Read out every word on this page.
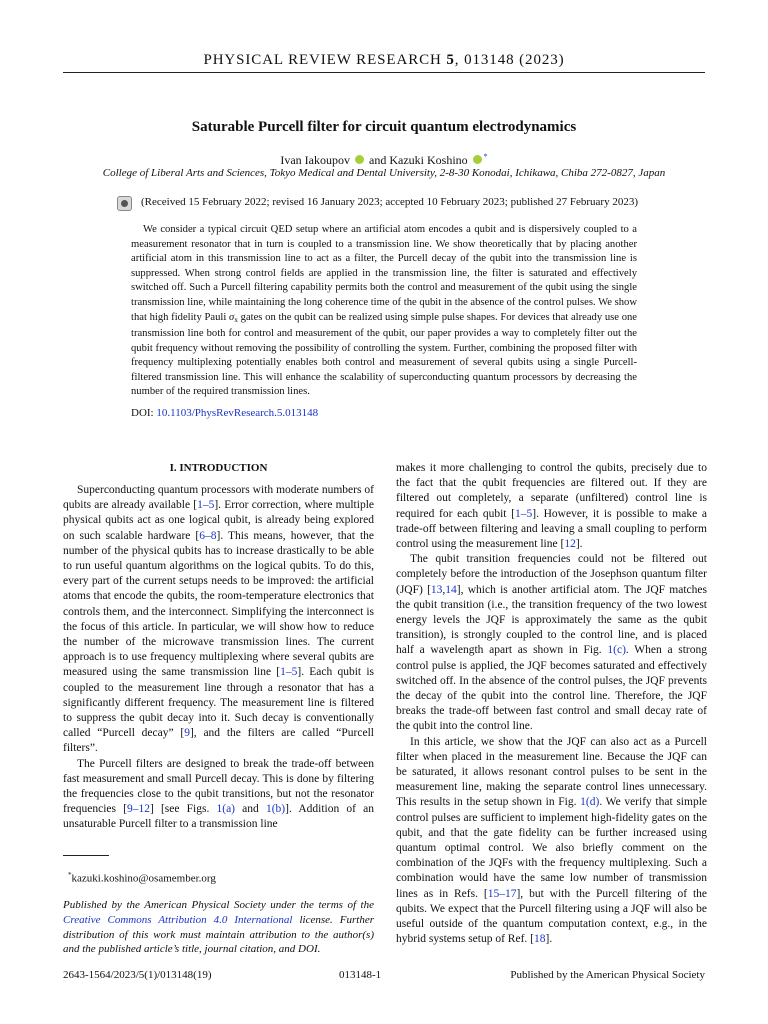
PHYSICAL REVIEW RESEARCH 5, 013148 (2023)
Saturable Purcell filter for circuit quantum electrodynamics
Ivan Iakoupov and Kazuki Koshino *
College of Liberal Arts and Sciences, Tokyo Medical and Dental University, 2-8-30 Konodai, Ichikawa, Chiba 272-0827, Japan
(Received 15 February 2022; revised 16 January 2023; accepted 10 February 2023; published 27 February 2023)

We consider a typical circuit QED setup where an artificial atom encodes a qubit and is dispersively coupled to a measurement resonator that in turn is coupled to a transmission line. We show theoretically that by placing another artificial atom in this transmission line to act as a filter, the Purcell decay of the qubit into the transmission line is suppressed. When strong control fields are applied in the transmission line, the filter is saturated and effectively switched off. Such a Purcell filtering capability permits both the control and measurement of the qubit using the single transmission line, while maintaining the long coherence time of the qubit in the absence of the control pulses. We show that high fidelity Pauli $\sigma_x$ gates on the qubit can be realized using simple pulse shapes. For devices that already use one transmission line both for control and measurement of the qubit, our paper provides a way to completely filter out the qubit frequency without removing the possibility of controlling the system. Further, combining the proposed filter with frequency multiplexing potentially enables both control and measurement of several qubits using a single Purcell-filtered transmission line. This will enhance the scalability of superconducting quantum processors by decreasing the number of the required transmission lines.

DOI: 10.1103/PhysRevResearch.5.013148
I. INTRODUCTION

Superconducting quantum processors with moderate numbers of qubits are already available [1–5]. Error correction, where multiple physical qubits act as one logical qubit, is already being explored on such scalable hardware [6–8]. This means, however, that the number of the physical qubits has to increase drastically to be able to run useful quantum algorithms on the logical qubits. To do this, every part of the current setups needs to be improved: the artificial atoms that encode the qubits, the room-temperature electronics that controls them, and the interconnect. Simplifying the interconnect is the focus of this article. In particular, we will show how to reduce the number of the microwave transmission lines. The current approach is to use frequency multiplexing where several qubits are measured using the same transmission line [1–5]. Each qubit is coupled to the measurement line through a resonator that has a significantly different frequency. The measurement line is filtered to suppress the qubit decay into it. Such decay is conventionally called “Purcell decay” [9], and the filters are called “Purcell filters”.

The Purcell filters are designed to break the trade-off between fast measurement and small Purcell decay. This is done by filtering the frequencies close to the qubit transitions, but not the resonator frequencies [9–12] [see Figs. 1(a) and 1(b)]. Addition of an unsaturable Purcell filter to a transmission line

makes it more challenging to control the qubits, precisely due to the fact that the qubit frequencies are filtered out. If they are filtered out completely, a separate (unfiltered) control line is required for each qubit [1–5]. However, it is possible to make a trade-off between filtering and leaving a small coupling to perform control using the measurement line [12].

The qubit transition frequencies could not be filtered out completely before the introduction of the Josephson quantum filter (JQF) [13,14], which is another artificial atom. The JQF matches the qubit transition (i.e., the transition frequency of the two lowest energy levels the JQF is approximately the same as the qubit transition), is strongly coupled to the control line, and is placed half a wavelength apart as shown in Fig. 1(c). When a strong control pulse is applied, the JQF becomes saturated and effectively switched off. In the absence of the control pulses, the JQF prevents the decay of the qubit into the control line. Therefore, the JQF breaks the trade-off between fast control and small decay rate of the qubit into the control line.

In this article, we show that the JQF can also act as a Purcell filter when placed in the measurement line. Because the JQF can be saturated, it allows resonant control pulses to be sent in the measurement line, making the separate control lines unnecessary. This results in the setup shown in Fig. 1(d). We verify that simple control pulses are sufficient to implement high-fidelity gates on the qubit, and that the gate fidelity can be further increased using quantum optimal control. We also briefly comment on the combination of the JQFs with the frequency multiplexing. Such a combination would have the same low number of transmission lines as in Refs. [15–17], but with the Purcell filtering of the qubits. We expect that the Purcell filtering using a JQF will also be useful outside of the quantum computation context, e.g., in the hybrid systems setup of Ref. [18].

*kazuki.koshino@osamember.org
Published by the American Physical Society under the terms of the Creative Commons Attribution 4.0 International license. Further distribution of this work must maintain attribution to the author(s) and the published article’s title, journal citation, and DOI.
2643-1564/2023/5(1)/013148(19)	013148-1	Published by the American Physical Society
